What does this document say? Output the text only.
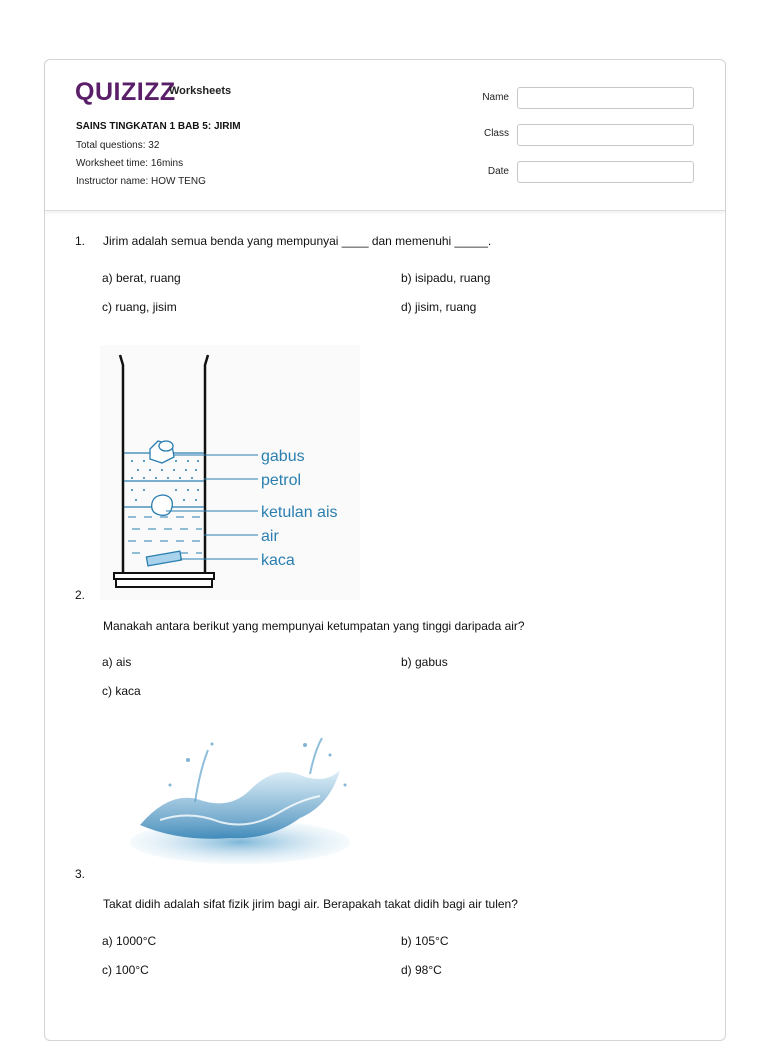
QUIZIZZ
Worksheets
SAINS TINGKATAN 1 BAB 5: JIRIM
Total questions: 32
Worksheet time: 16mins
Instructor name: HOW TENG
Name
Class
Date
1. Jirim adalah semua benda yang mempunyai ____ dan memenuhi _____.
a) berat, ruang	b) isipadu, ruang
c) ruang, jisim	d) jisim, ruang
gabus
petrol
ketulan ais
air
kaca
2.
Manakah antara berikut yang mempunyai ketumpatan yang tinggi daripada air?
a) ais	b) gabus
c) kaca
3.
Takat didih adalah sifat fizik jirim bagi air. Berapakah takat didih bagi air tulen?
a) 1000°C	b) 105°C
c) 100°C	d) 98°C
